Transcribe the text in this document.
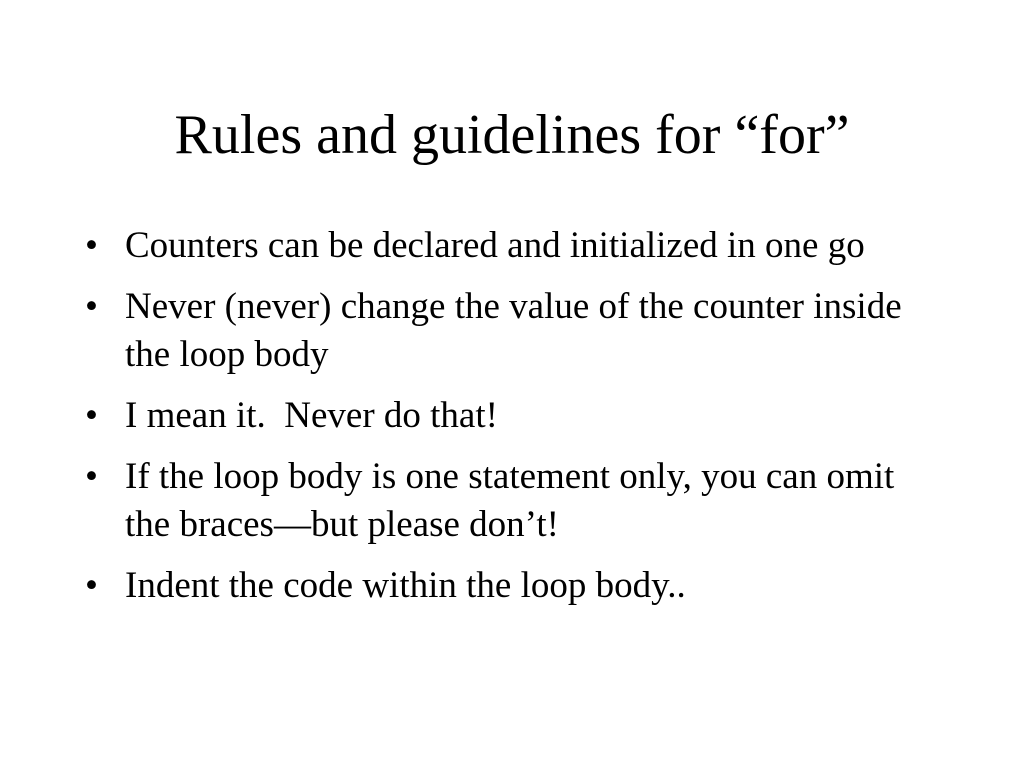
Rules and guidelines for “for”
• Counters can be declared and initialized in one go
• Never (never) change the value of the counter inside the loop body
• I mean it.  Never do that!
• If the loop body is one statement only, you can omit the braces—but please don’t!
• Indent the code within the loop body..
